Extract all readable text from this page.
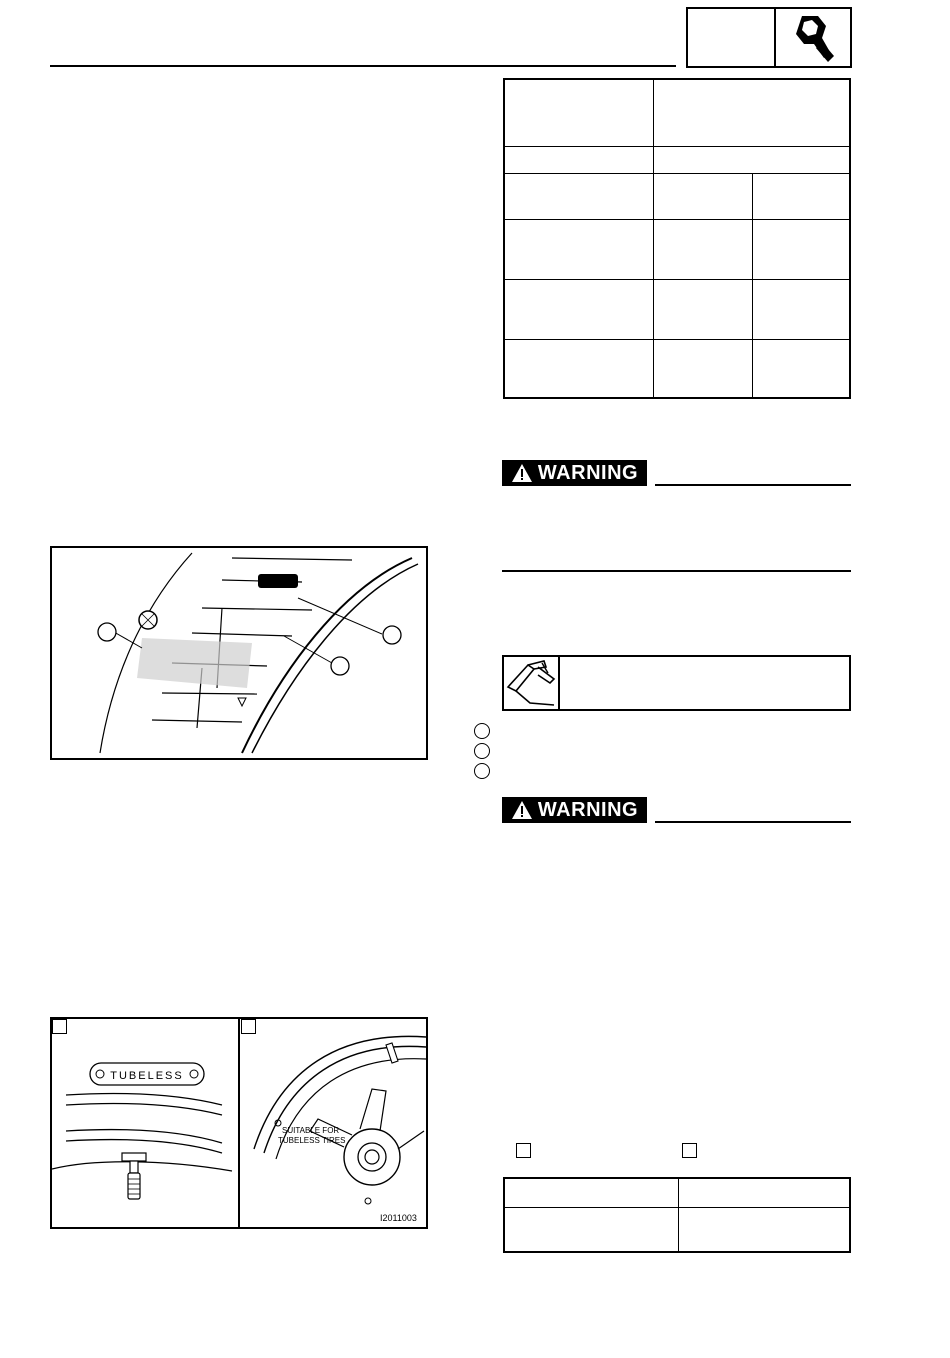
WARNING
WARNING
TUBELESS
SUITABLE FOR
TUBELESS TIRES
I2011003
